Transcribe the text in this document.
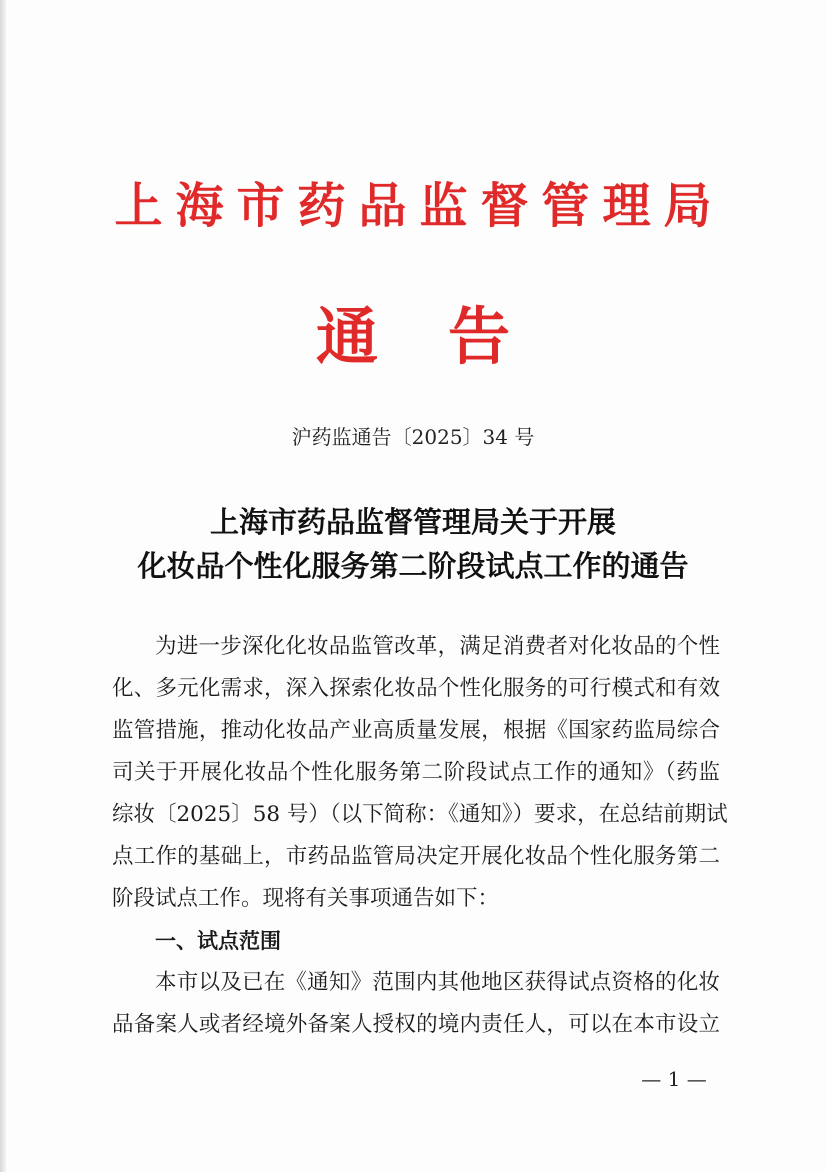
上海市药品监督管理局
通告
沪药监通告〔2025〕34 号
上海市药品监督管理局关于开展
化妆品个性化服务第二阶段试点工作的通告
为进一步深化化妆品监管改革，满足消费者对化妆品的个性
化、多元化需求，深入探索化妆品个性化服务的可行模式和有效
监管措施，推动化妆品产业高质量发展，根据《国家药监局综合
司关于开展化妆品个性化服务第二阶段试点工作的通知》（药监
综妆〔2025〕58 号）（以下简称：《通知》）要求，在总结前期试
点工作的基础上，市药品监管局决定开展化妆品个性化服务第二
阶段试点工作。现将有关事项通告如下：
一、试点范围
本市以及已在《通知》范围内其他地区获得试点资格的化妆
品备案人或者经境外备案人授权的境内责任人，可以在本市设立
— 1 —
